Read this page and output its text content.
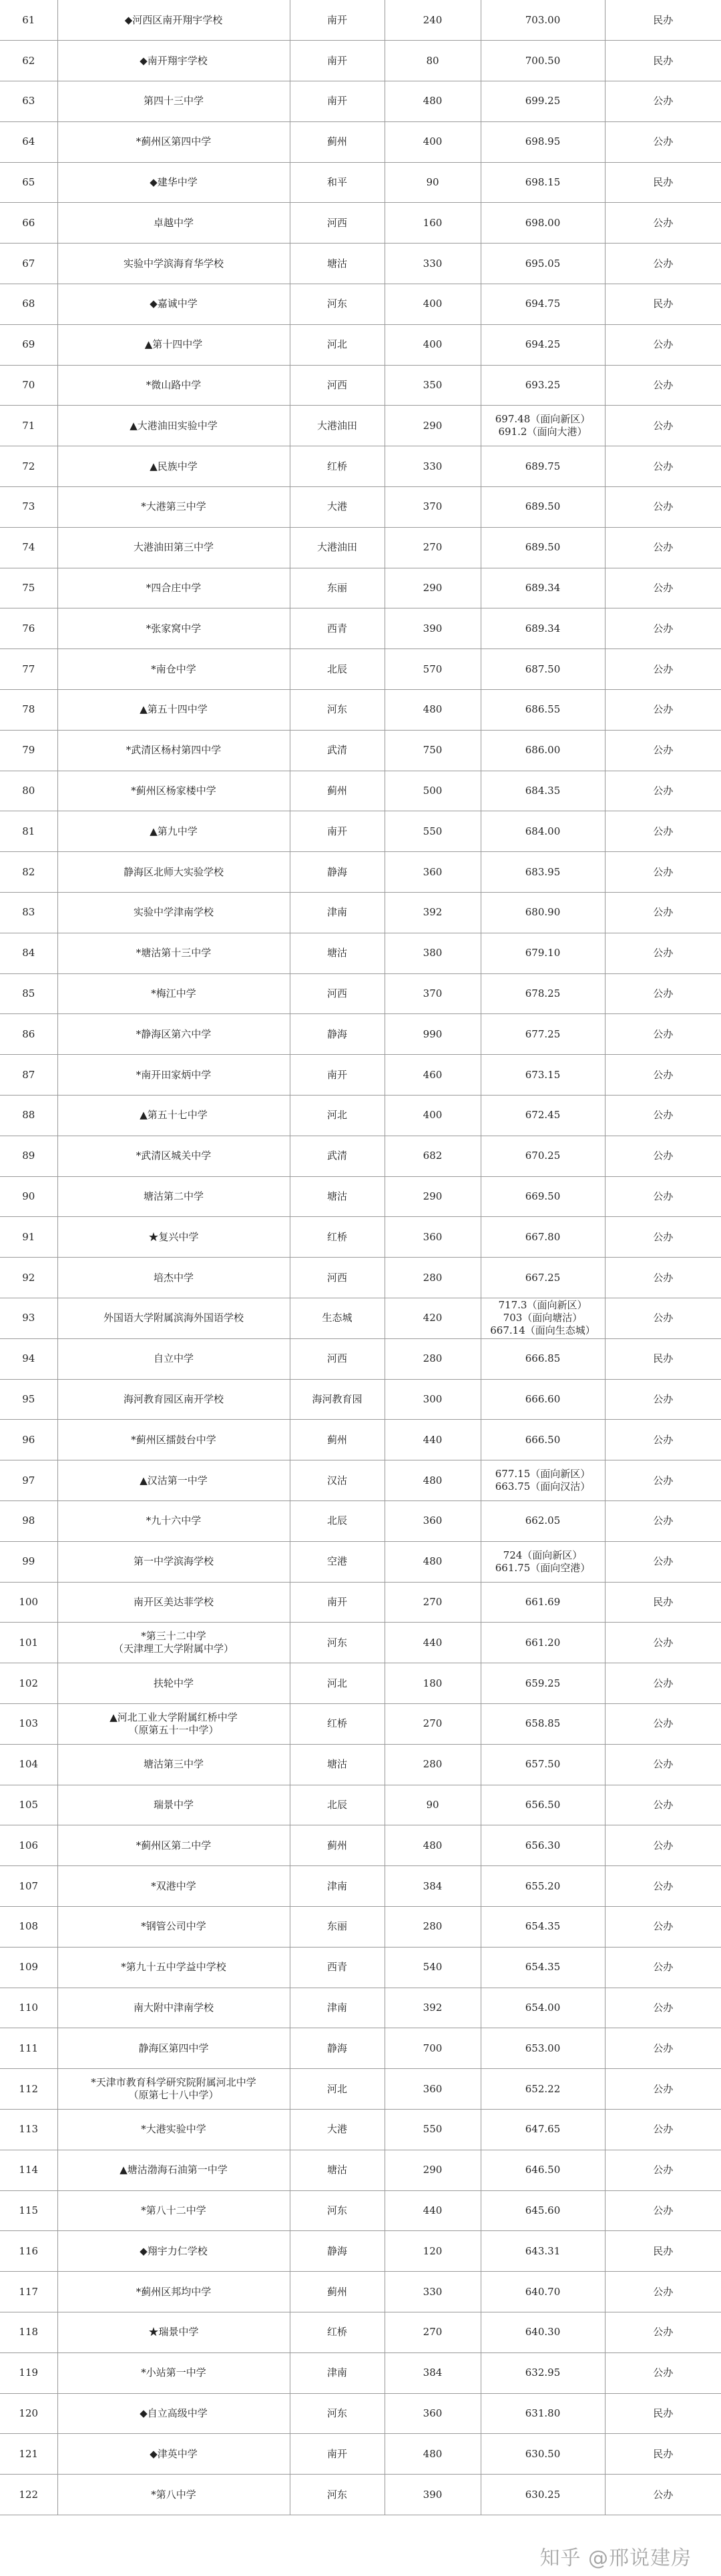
61	◆河西区南开翔宇学校	南开	240	703.00	民办
62	◆南开翔宇学校	南开	80	700.50	民办
63	第四十三中学	南开	480	699.25	公办
64	*蓟州区第四中学	蓟州	400	698.95	公办
65	◆建华中学	和平	90	698.15	民办
66	卓越中学	河西	160	698.00	公办
67	实验中学滨海育华学校	塘沽	330	695.05	公办
68	◆嘉诚中学	河东	400	694.75	民办
69	▲第十四中学	河北	400	694.25	公办
70	*微山路中学	河西	350	693.25	公办
71	▲大港油田实验中学	大港油田	290	697.48（面向新区）
691.2（面向大港）	公办
72	▲民族中学	红桥	330	689.75	公办
73	*大港第三中学	大港	370	689.50	公办
74	大港油田第三中学	大港油田	270	689.50	公办
75	*四合庄中学	东丽	290	689.34	公办
76	*张家窝中学	西青	390	689.34	公办
77	*南仓中学	北辰	570	687.50	公办
78	▲第五十四中学	河东	480	686.55	公办
79	*武清区杨村第四中学	武清	750	686.00	公办
80	*蓟州区杨家楼中学	蓟州	500	684.35	公办
81	▲第九中学	南开	550	684.00	公办
82	静海区北师大实验学校	静海	360	683.95	公办
83	实验中学津南学校	津南	392	680.90	公办
84	*塘沽第十三中学	塘沽	380	679.10	公办
85	*梅江中学	河西	370	678.25	公办
86	*静海区第六中学	静海	990	677.25	公办
87	*南开田家炳中学	南开	460	673.15	公办
88	▲第五十七中学	河北	400	672.45	公办
89	*武清区城关中学	武清	682	670.25	公办
90	塘沽第二中学	塘沽	290	669.50	公办
91	★复兴中学	红桥	360	667.80	公办
92	培杰中学	河西	280	667.25	公办
93	外国语大学附属滨海外国语学校	生态城	420	717.3（面向新区）
703（面向塘沽）
667.14（面向生态城）	公办
94	自立中学	河西	280	666.85	民办
95	海河教育园区南开学校	海河教育园	300	666.60	公办
96	*蓟州区擂鼓台中学	蓟州	440	666.50	公办
97	▲汉沽第一中学	汉沽	480	677.15（面向新区）
663.75（面向汉沽）	公办
98	*九十六中学	北辰	360	662.05	公办
99	第一中学滨海学校	空港	480	724（面向新区）
661.75（面向空港）	公办
100	南开区美达菲学校	南开	270	661.69	民办
101	*第三十二中学
（天津理工大学附属中学）	河东	440	661.20	公办
102	扶轮中学	河北	180	659.25	公办
103	▲河北工业大学附属红桥中学
（原第五十一中学）	红桥	270	658.85	公办
104	塘沽第三中学	塘沽	280	657.50	公办
105	瑞景中学	北辰	90	656.50	公办
106	*蓟州区第二中学	蓟州	480	656.30	公办
107	*双港中学	津南	384	655.20	公办
108	*钢管公司中学	东丽	280	654.35	公办
109	*第九十五中学益中学校	西青	540	654.35	公办
110	南大附中津南学校	津南	392	654.00	公办
111	静海区第四中学	静海	700	653.00	公办
112	*天津市教育科学研究院附属河北中学
（原第七十八中学）	河北	360	652.22	公办
113	*大港实验中学	大港	550	647.65	公办
114	▲塘沽渤海石油第一中学	塘沽	290	646.50	公办
115	*第八十二中学	河东	440	645.60	公办
116	◆翔宇力仁学校	静海	120	643.31	民办
117	*蓟州区邦均中学	蓟州	330	640.70	公办
118	★瑞景中学	红桥	270	640.30	公办
119	*小站第一中学	津南	384	632.95	公办
120	◆自立高级中学	河东	360	631.80	民办
121	◆津英中学	南开	480	630.50	民办
122	*第八中学	河东	390	630.25	公办
知乎 @邢说建房
